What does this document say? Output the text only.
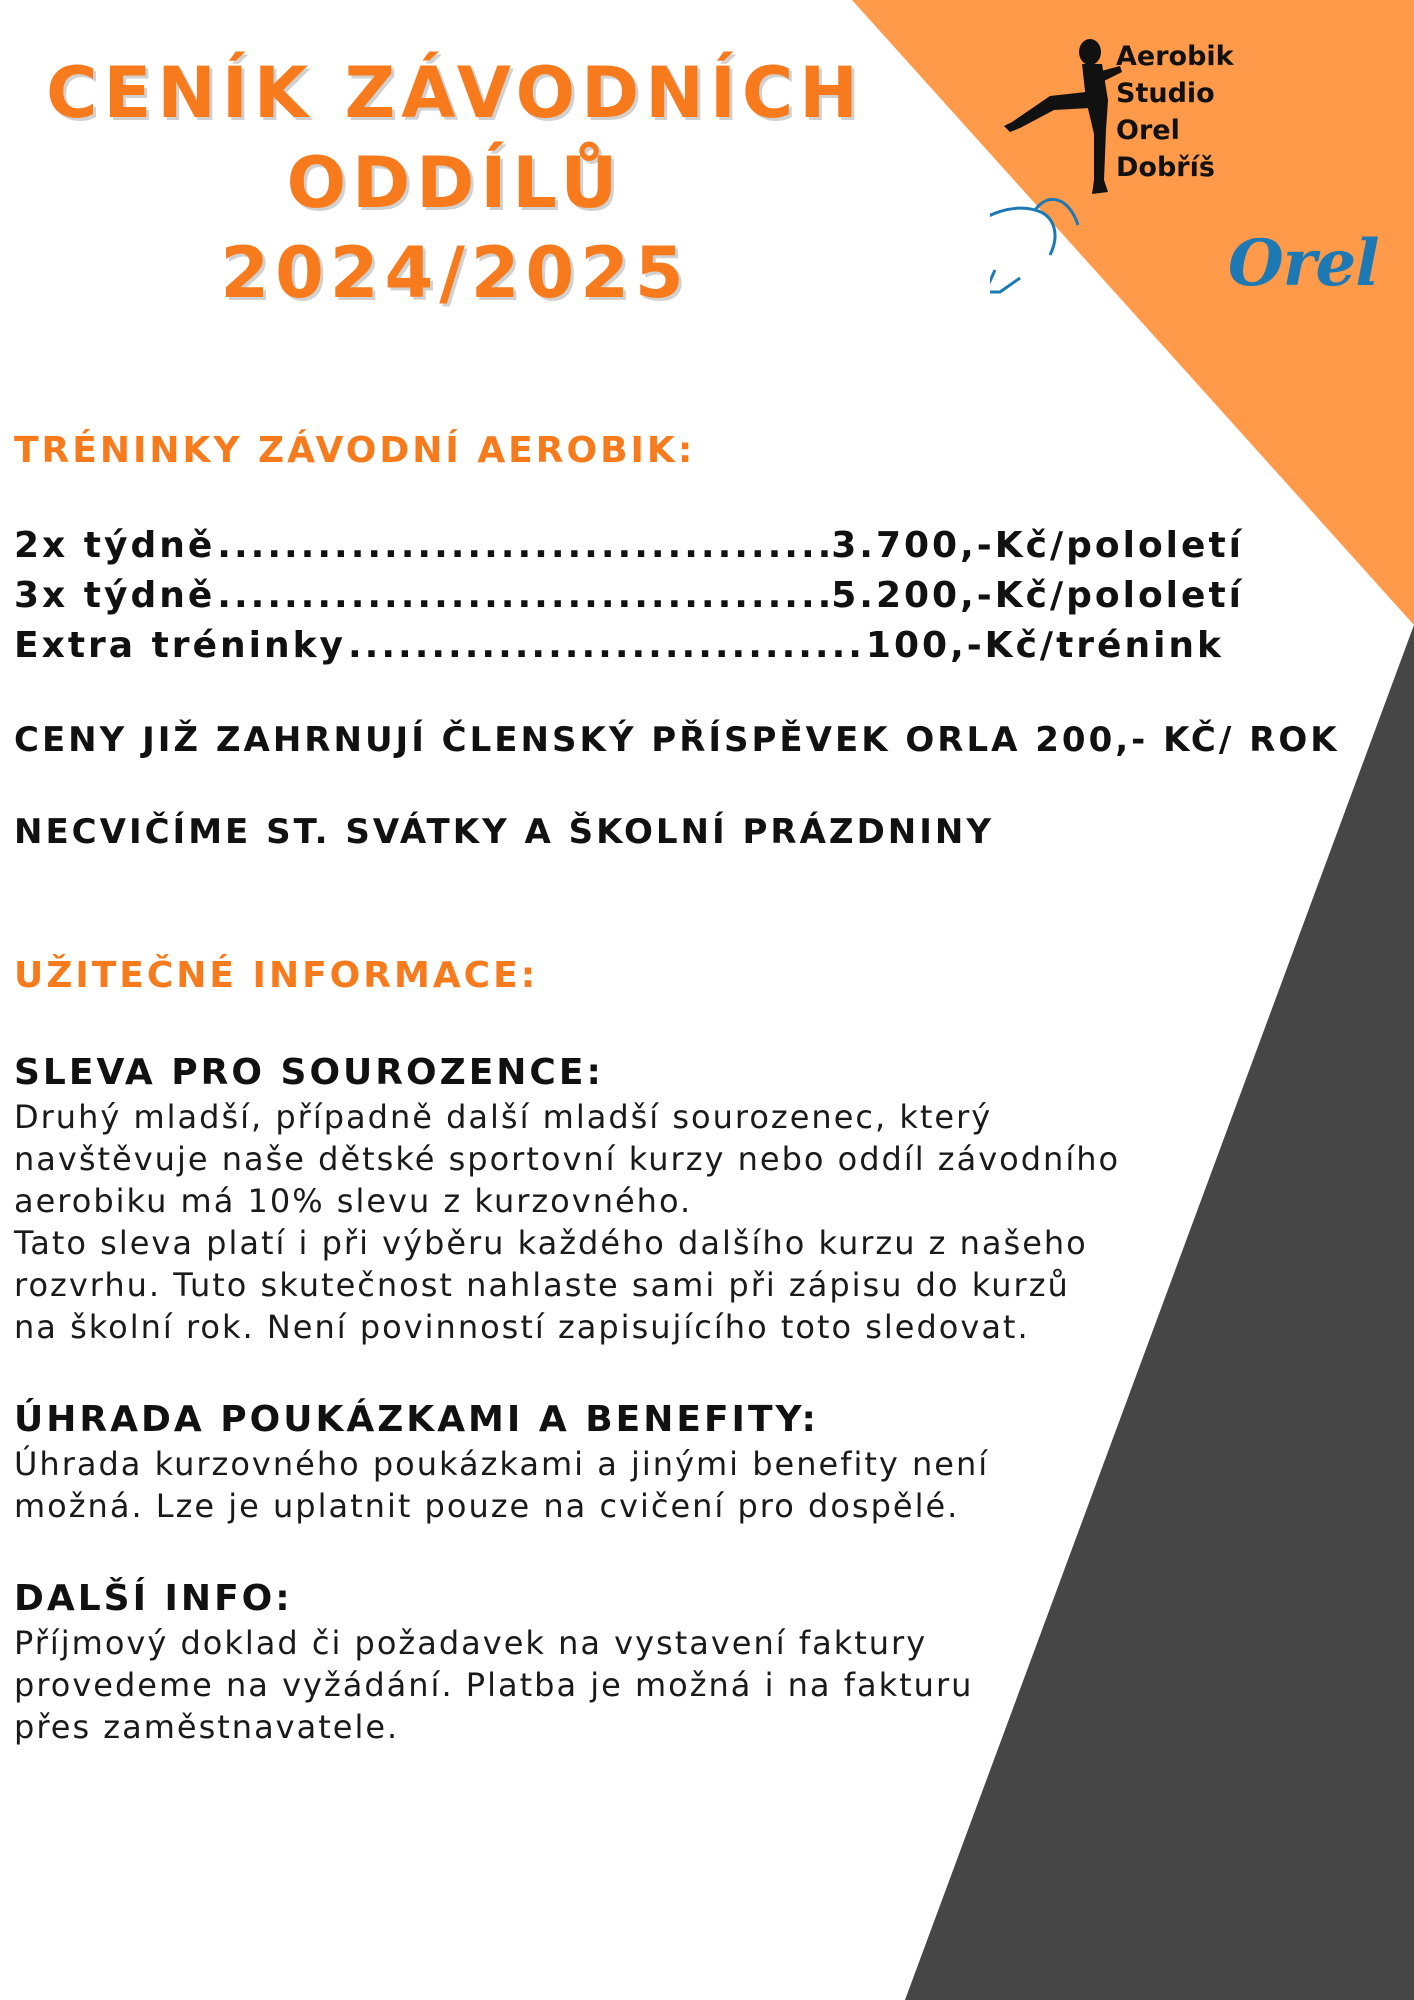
CENÍK ZÁVODNÍCH
ODDÍLŮ
2024/2025
Aerobik
Studio
Orel
Dobříš
Orel
TRÉNINKY ZÁVODNÍ AEROBIK:
2x týdně .....	3.700,-Kč/pololetí
3x týdně .....	5.200,-Kč/pololetí
Extra tréninky .....	100,-Kč/trénink
CENY JIŽ ZAHRNUJÍ ČLENSKÝ PŘÍSPĚVEK ORLA 200,- KČ/ ROK
NECVIČÍME ST. SVÁTKY A ŠKOLNÍ PRÁZDNINY
UŽITEČNÉ INFORMACE:
SLEVA PRO SOUROZENCE:

Druhý mladší, případně další mladší sourozenec, který
navštěvuje naše dětské sportovní kurzy nebo oddíl závodního
aerobiku má 10% slevu z kurzovného.
Tato sleva platí i při výběru každého dalšího kurzu z našeho
rozvrhu. Tuto skutečnost nahlaste sami při zápisu do kurzů
na školní rok. Není povinností zapisujícího toto sledovat.

ÚHRADA POUKÁZKAMI A BENEFITY:

Úhrada kurzovného poukázkami a jinými benefity není
možná. Lze je uplatnit pouze na cvičení pro dospělé.

DALŠÍ INFO:

Příjmový doklad či požadavek na vystavení faktury
provedeme na vyžádání. Platba je možná i na fakturu
přes zaměstnavatele.
